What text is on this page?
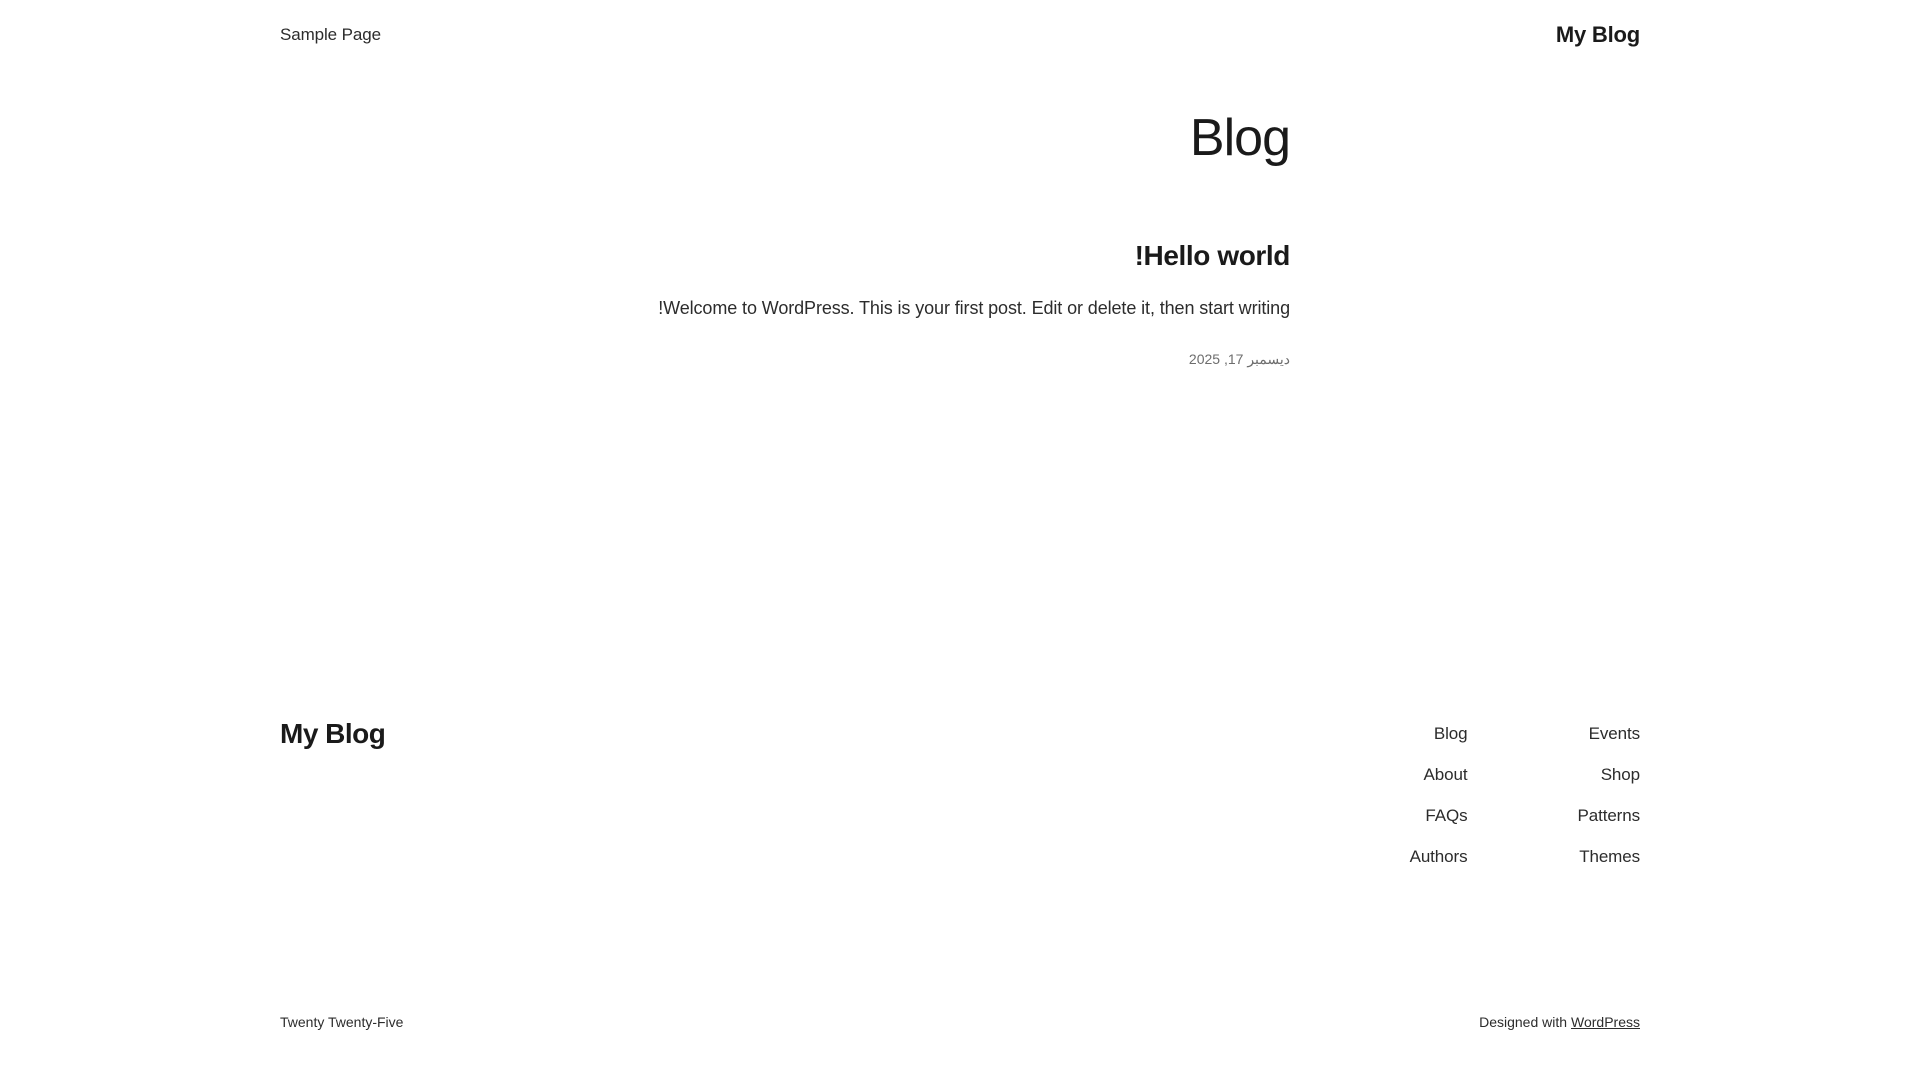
My Blog
Sample Page
Blog
Hello world!

Welcome to WordPress. This is your first post. Edit or delete it, then start writing!

ديسمبر 17, 2025
My Blog	Blog
About
FAQs
Authors
Events
Shop
Patterns
Themes
Twenty Twenty-Five	Designed with WordPress
